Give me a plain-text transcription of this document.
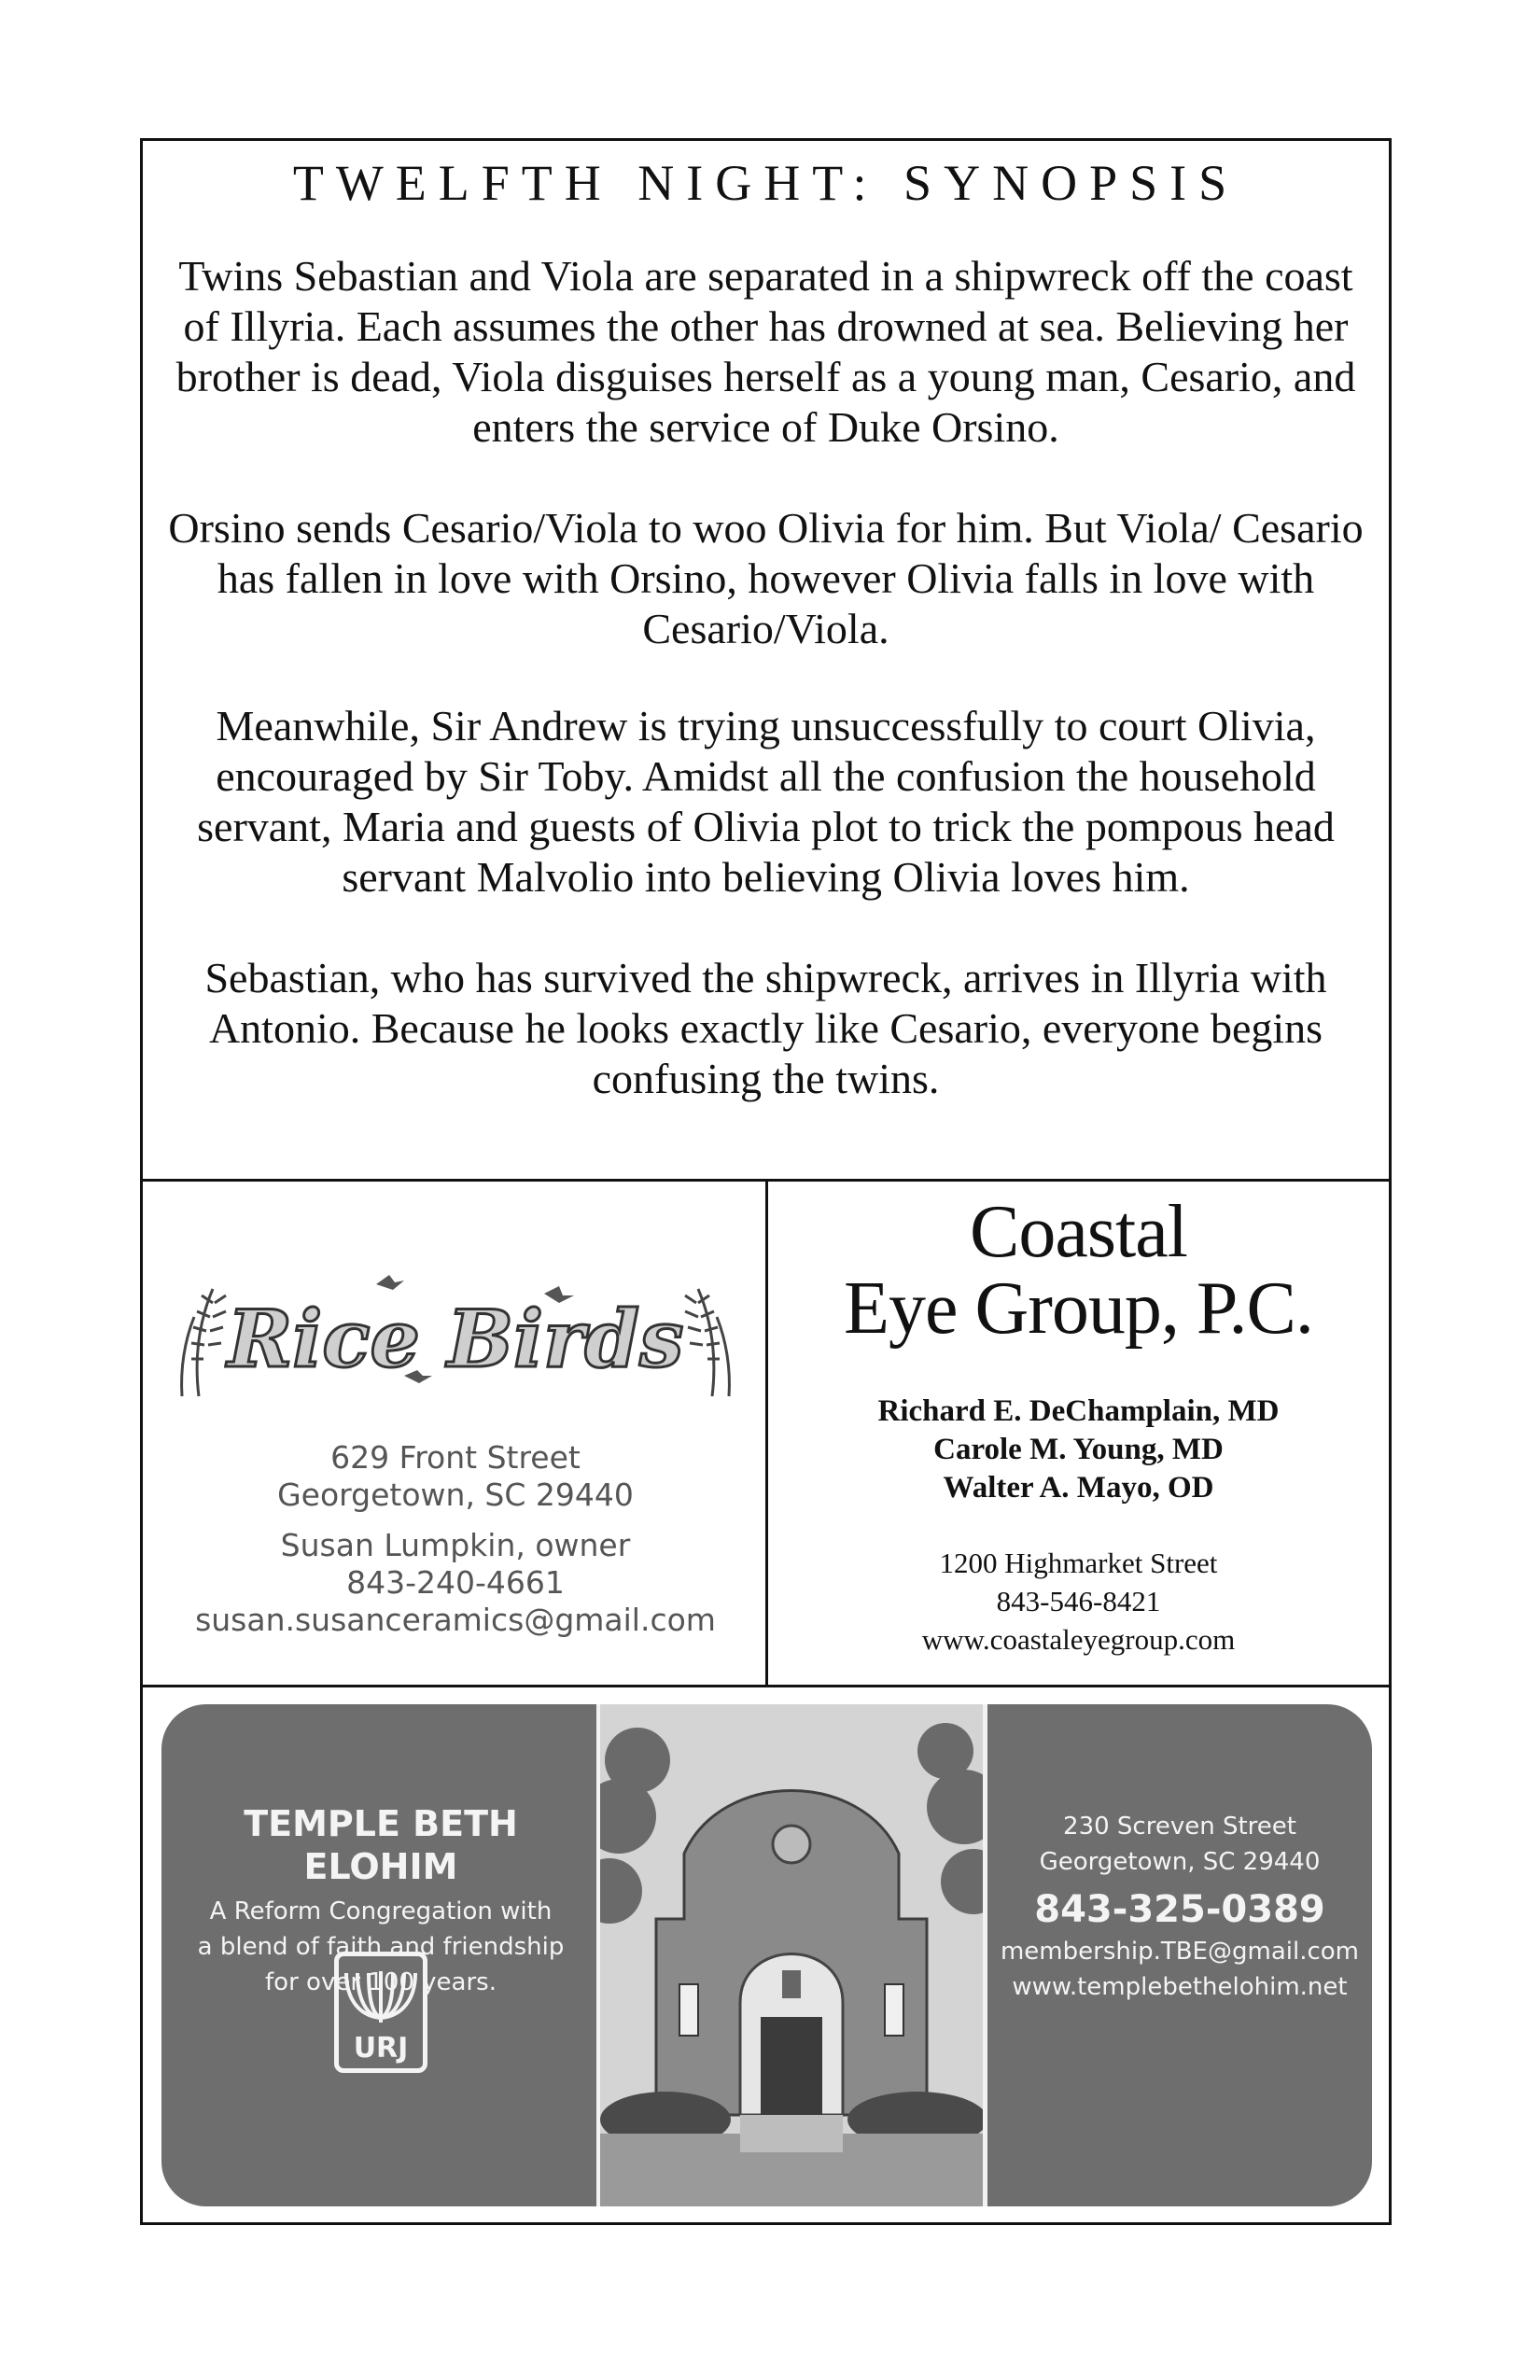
TWELFTH NIGHT: SYNOPSIS

Twins Sebastian and Viola are separated in a shipwreck off the coast of Illyria. Each assumes the other has drowned at sea. Believing her brother is dead, Viola disguises herself as a young man, Cesario, and enters the service of Duke Orsino.

Orsino sends Cesario/Viola to woo Olivia for him. But Viola/ Cesario has fallen in love with Orsino, however Olivia falls in love with Cesario/Viola.

Meanwhile, Sir Andrew is trying unsuccessfully to court Olivia, encouraged by Sir Toby. Amidst all the confusion the household servant, Maria and guests of Olivia plot to trick the pompous head servant Malvolio into believing Olivia loves him.

Sebastian, who has survived the shipwreck, arrives in Illyria with Antonio. Because he looks exactly like Cesario, everyone begins confusing the twins.

Rice Birds
629 Front Street
Georgetown, SC 29440
Susan Lumpkin, owner
843-240-4661
susan.susanceramics@gmail.com
Coastal
Eye Group, P.C.
Richard E. DeChamplain, MD
Carole M. Young, MD
Walter A. Mayo, OD
1200 Highmarket Street
843-546-8421
www.coastaleyegroup.com
TEMPLE BETH ELOHIM
A Reform Congregation with
a blend of faith and friendship
for over 100 years.
URJ
230 Screven Street
Georgetown, SC 29440
843-325-0389
membership.TBE@gmail.com
www.templebethelohim.net
